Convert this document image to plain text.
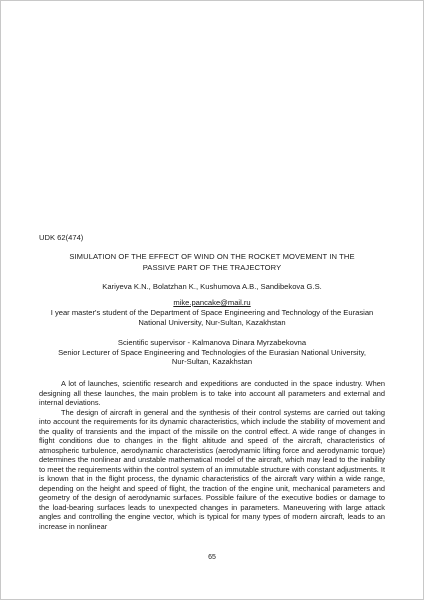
UDK 62(474)
SIMULATION OF THE EFFECT OF WIND ON THE ROCKET MOVEMENT IN THE
PASSIVE PART OF THE TRAJECTORY
Kariyeva K.N., Bolatzhan K., Kushumova A.B., Sandibekova G.S.
mike.pancake@mail.ru
I year master's student of the Department of Space Engineering and Technology of the Eurasian
National University, Nur-Sultan, Kazakhstan
Scientific supervisor - Kalmanova Dinara Myrzabekovna
Senior Lecturer of Space Engineering and Technologies of the Eurasian National University,
Nur-Sultan, Kazakhstan

A lot of launches, scientific research and expeditions are conducted in the space industry. When designing all these launches, the main problem is to take into account all parameters and external and internal deviations.

The design of aircraft in general and the synthesis of their control systems are carried out taking into account the requirements for its dynamic characteristics, which include the stability of movement and the quality of transients and the impact of the missile on the control effect. A wide range of changes in flight conditions due to changes in the flight altitude and speed of the aircraft, characteristics of atmospheric turbulence, aerodynamic characteristics (aerodynamic lifting force and aerodynamic torque) determines the nonlinear and unstable mathematical model of the aircraft, which may lead to the inability to meet the requirements within the control system of an immutable structure with constant adjustments. It is known that in the flight process, the dynamic characteristics of the aircraft vary within a wide range, depending on the height and speed of flight, the traction of the engine unit, mechanical parameters and geometry of the design of aerodynamic surfaces. Possible failure of the executive bodies or damage to the load-bearing surfaces leads to unexpected changes in parameters. Maneuvering with large attack angles and controlling the engine vector, which is typical for many types of modern aircraft, leads to an increase in nonlinear

65
